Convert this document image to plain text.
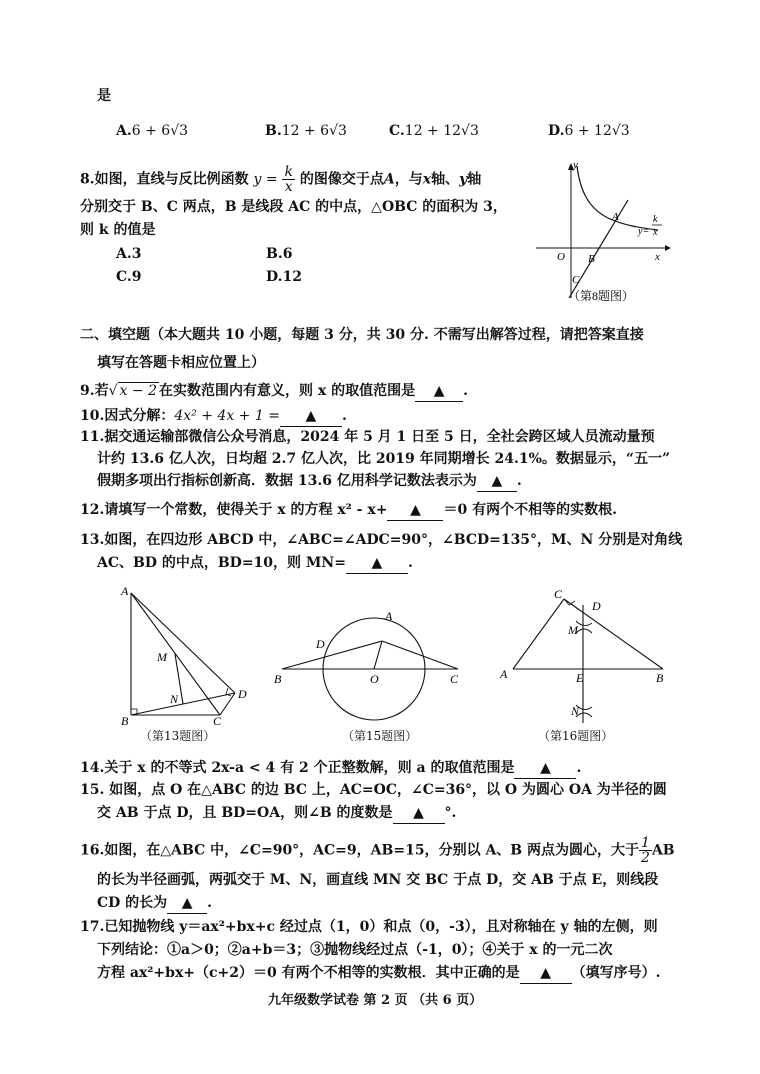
是
A.6 + 6√3	B.12 + 6√3	C.12 + 12√3	D.6 + 12√3
8.如图，直线与反比例函数 $y = \frac{k}{x}$ 的图像交于点A，与x轴、y轴
分别交于 B、C 两点，B 是线段 AC 的中点，△OBC 的面积为 3，
则 k 的值是
A.3	B.6
C.9	D.12
y
x
O B
C
A
y=
k
x
（第8题图）
二、填空题（本大题共 10 小题，每题 3 分，共 30 分. 不需写出解答过程，请把答案直接
填写在答题卡相应位置上）
9.若√ x − 2 在实数范围内有意义，则 x 的取值范围是 ▲ .
10.因式分解：4x² + 4x + 1 = ▲ .
11.据交通运输部微信公众号消息，2024 年 5 月 1 日至 5 日，全社会跨区域人员流动量预
计约 13.6 亿人次，日均超 2.7 亿人次，比 2019 年同期增长 24.1%。数据显示，“五一”
假期多项出行指标创新高．数据 13.6 亿用科学记数法表示为 ▲ .
12.请填写一个常数，使得关于 x 的方程 x² - x+ ▲ ＝0 有两个不相等的实数根.
13.如图，在四边形 ABCD 中，∠ABC=∠ADC=90°，∠BCD=135°，M、N 分别是对角线
AC、BD 的中点，BD=10，则 MN= ▲ .
A
M
N	D
B	C
（第13题图）
A
D
B	O	C
（第15题图）
C
D
M
A	E	B
N
（第16题图）
14.关于 x 的不等式 2x-a < 4 有 2 个正整数解，则 a 的取值范围是 ▲ .
15. 如图，点 O 在△ABC 的边 BC 上，AC=OC，∠C=36°，以 O 为圆心 OA 为半径的圆
交 AB 于点 D，且 BD=OA，则∠B 的度数是 ▲ °.
16.如图，在△ABC 中，∠C=90°，AC=9，AB=15，分别以 A、B 两点为圆心，大于 $\frac{1}{2}$ AB
的长为半径画弧，两弧交于 M、N，画直线 MN 交 BC 于点 D，交 AB 于点 E，则线段
CD 的长为 ▲ .
17.已知抛物线 y＝ax²+bx+c 经过点（1，0）和点（0，-3），且对称轴在 y 轴的左侧，则
下列结论：①a＞0；②a+b＝3；③抛物线经过点（-1，0）；④关于 x 的一元二次
方程 ax²+bx+（c+2）＝0 有两个不相等的实数根．其中正确的是 ▲ （填写序号）.
九年级数学试卷 第 2 页 （共 6 页）
